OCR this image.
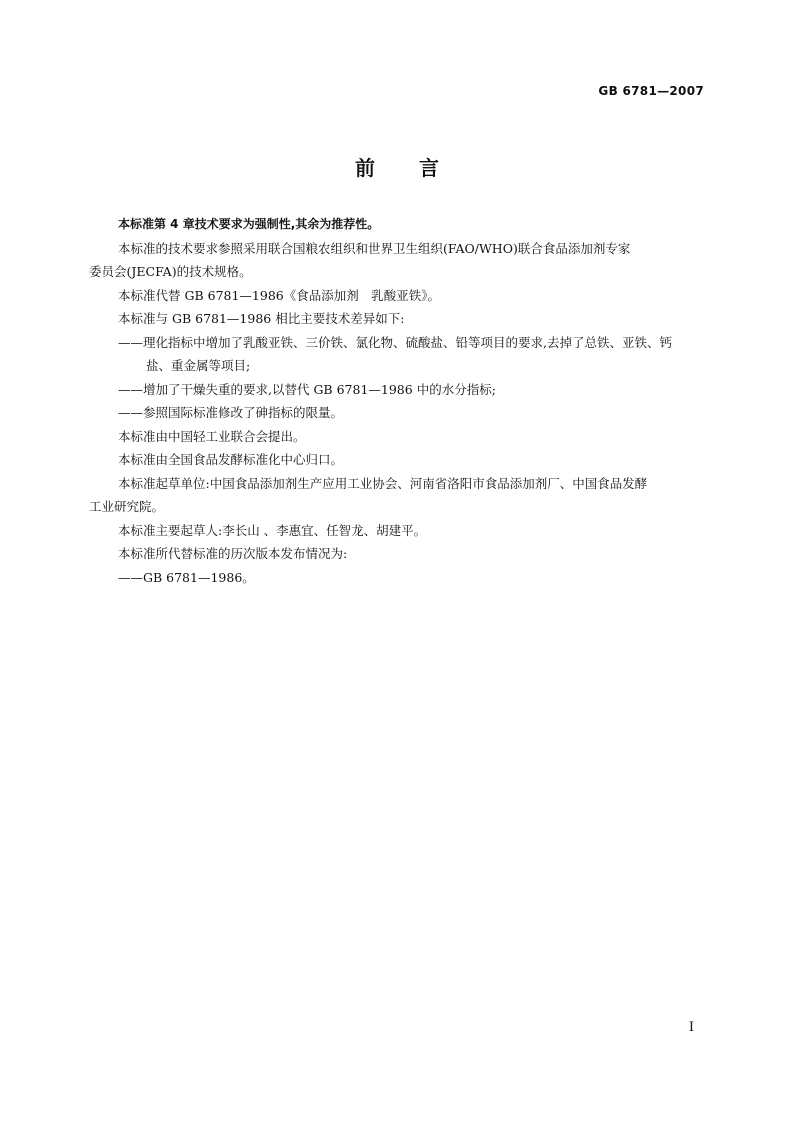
GB 6781—2007
前 言

本标准第 4 章技术要求为强制性,其余为推荐性。

本标准的技术要求参照采用联合国粮农组织和世界卫生组织(FAO/WHO)联合食品添加剂专家

委员会(JECFA)的技术规格。

本标准代替 GB 6781—1986《食品添加剂　乳酸亚铁》。

本标准与 GB 6781—1986 相比主要技术差异如下:

——理化指标中增加了乳酸亚铁、三价铁、氯化物、硫酸盐、铅等项目的要求,去掉了总铁、亚铁、钙

盐、重金属等项目;

——增加了干燥失重的要求,以替代 GB 6781—1986 中的水分指标;

——参照国际标准修改了砷指标的限量。

本标准由中国轻工业联合会提出。

本标准由全国食品发酵标准化中心归口。

本标准起草单位:中国食品添加剂生产应用工业协会、河南省洛阳市食品添加剂厂、中国食品发酵

工业研究院。

本标准主要起草人:李长山 、李惠宜、任智龙、胡建平。

本标准所代替标准的历次版本发布情况为:

——GB 6781—1986。

I
